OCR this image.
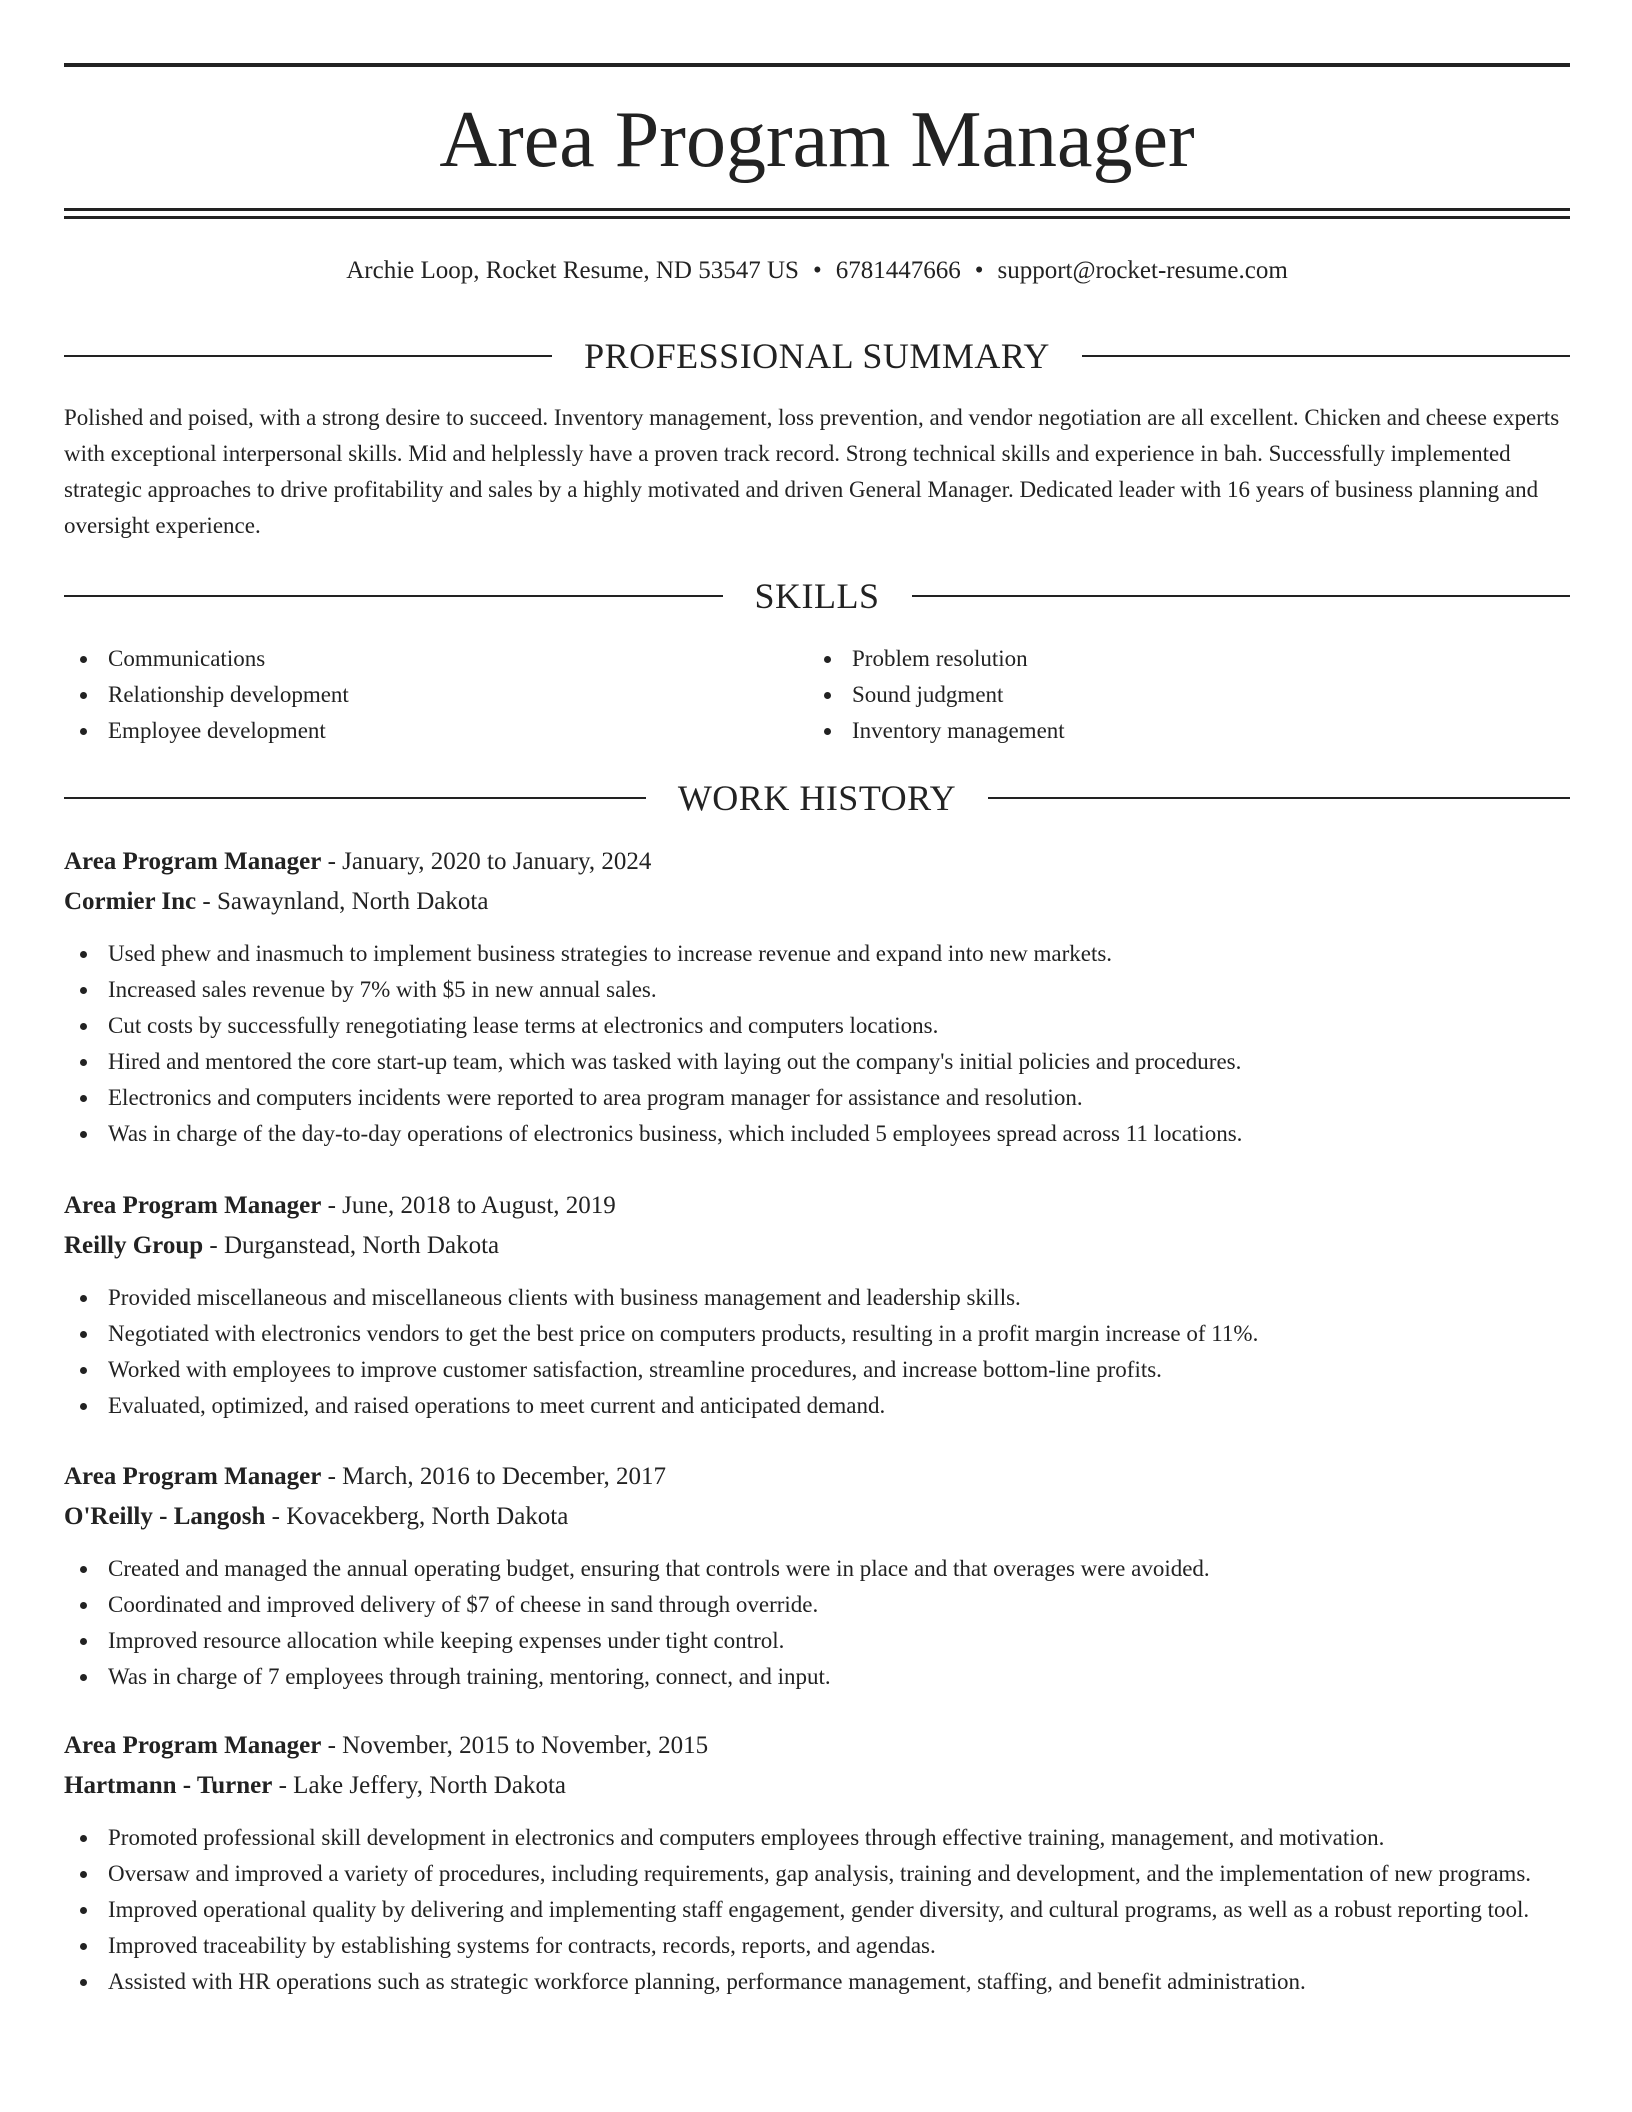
Area Program Manager
Archie Loop, Rocket Resume, ND 53547 US • 6781447666 • support@rocket-resume.com
PROFESSIONAL SUMMARY

Polished and poised, with a strong desire to succeed. Inventory management, loss prevention, and vendor negotiation are all excellent. Chicken and cheese experts with exceptional interpersonal skills. Mid and helplessly have a proven track record. Strong technical skills and experience in bah. Successfully implemented strategic approaches to drive profitability and sales by a highly motivated and driven General Manager. Dedicated leader with 16 years of business planning and oversight experience.

SKILLS
Communications
Relationship development
Employee development
Problem resolution
Sound judgment
Inventory management
WORK HISTORY
Area Program Manager - January, 2020 to January, 2024
Cormier Inc - Sawaynland, North Dakota
Used phew and inasmuch to implement business strategies to increase revenue and expand into new markets.
Increased sales revenue by 7% with $5 in new annual sales.
Cut costs by successfully renegotiating lease terms at electronics and computers locations.
Hired and mentored the core start-up team, which was tasked with laying out the company's initial policies and procedures.
Electronics and computers incidents were reported to area program manager for assistance and resolution.
Was in charge of the day-to-day operations of electronics business, which included 5 employees spread across 11 locations.
Area Program Manager - June, 2018 to August, 2019
Reilly Group - Durganstead, North Dakota
Provided miscellaneous and miscellaneous clients with business management and leadership skills.
Negotiated with electronics vendors to get the best price on computers products, resulting in a profit margin increase of 11%.
Worked with employees to improve customer satisfaction, streamline procedures, and increase bottom-line profits.
Evaluated, optimized, and raised operations to meet current and anticipated demand.
Area Program Manager - March, 2016 to December, 2017
O'Reilly - Langosh - Kovacekberg, North Dakota
Created and managed the annual operating budget, ensuring that controls were in place and that overages were avoided.
Coordinated and improved delivery of $7 of cheese in sand through override.
Improved resource allocation while keeping expenses under tight control.
Was in charge of 7 employees through training, mentoring, connect, and input.
Area Program Manager - November, 2015 to November, 2015
Hartmann - Turner - Lake Jeffery, North Dakota
Promoted professional skill development in electronics and computers employees through effective training, management, and motivation.
Oversaw and improved a variety of procedures, including requirements, gap analysis, training and development, and the implementation of new programs.
Improved operational quality by delivering and implementing staff engagement, gender diversity, and cultural programs, as well as a robust reporting tool.
Improved traceability by establishing systems for contracts, records, reports, and agendas.
Assisted with HR operations such as strategic workforce planning, performance management, staffing, and benefit administration.
